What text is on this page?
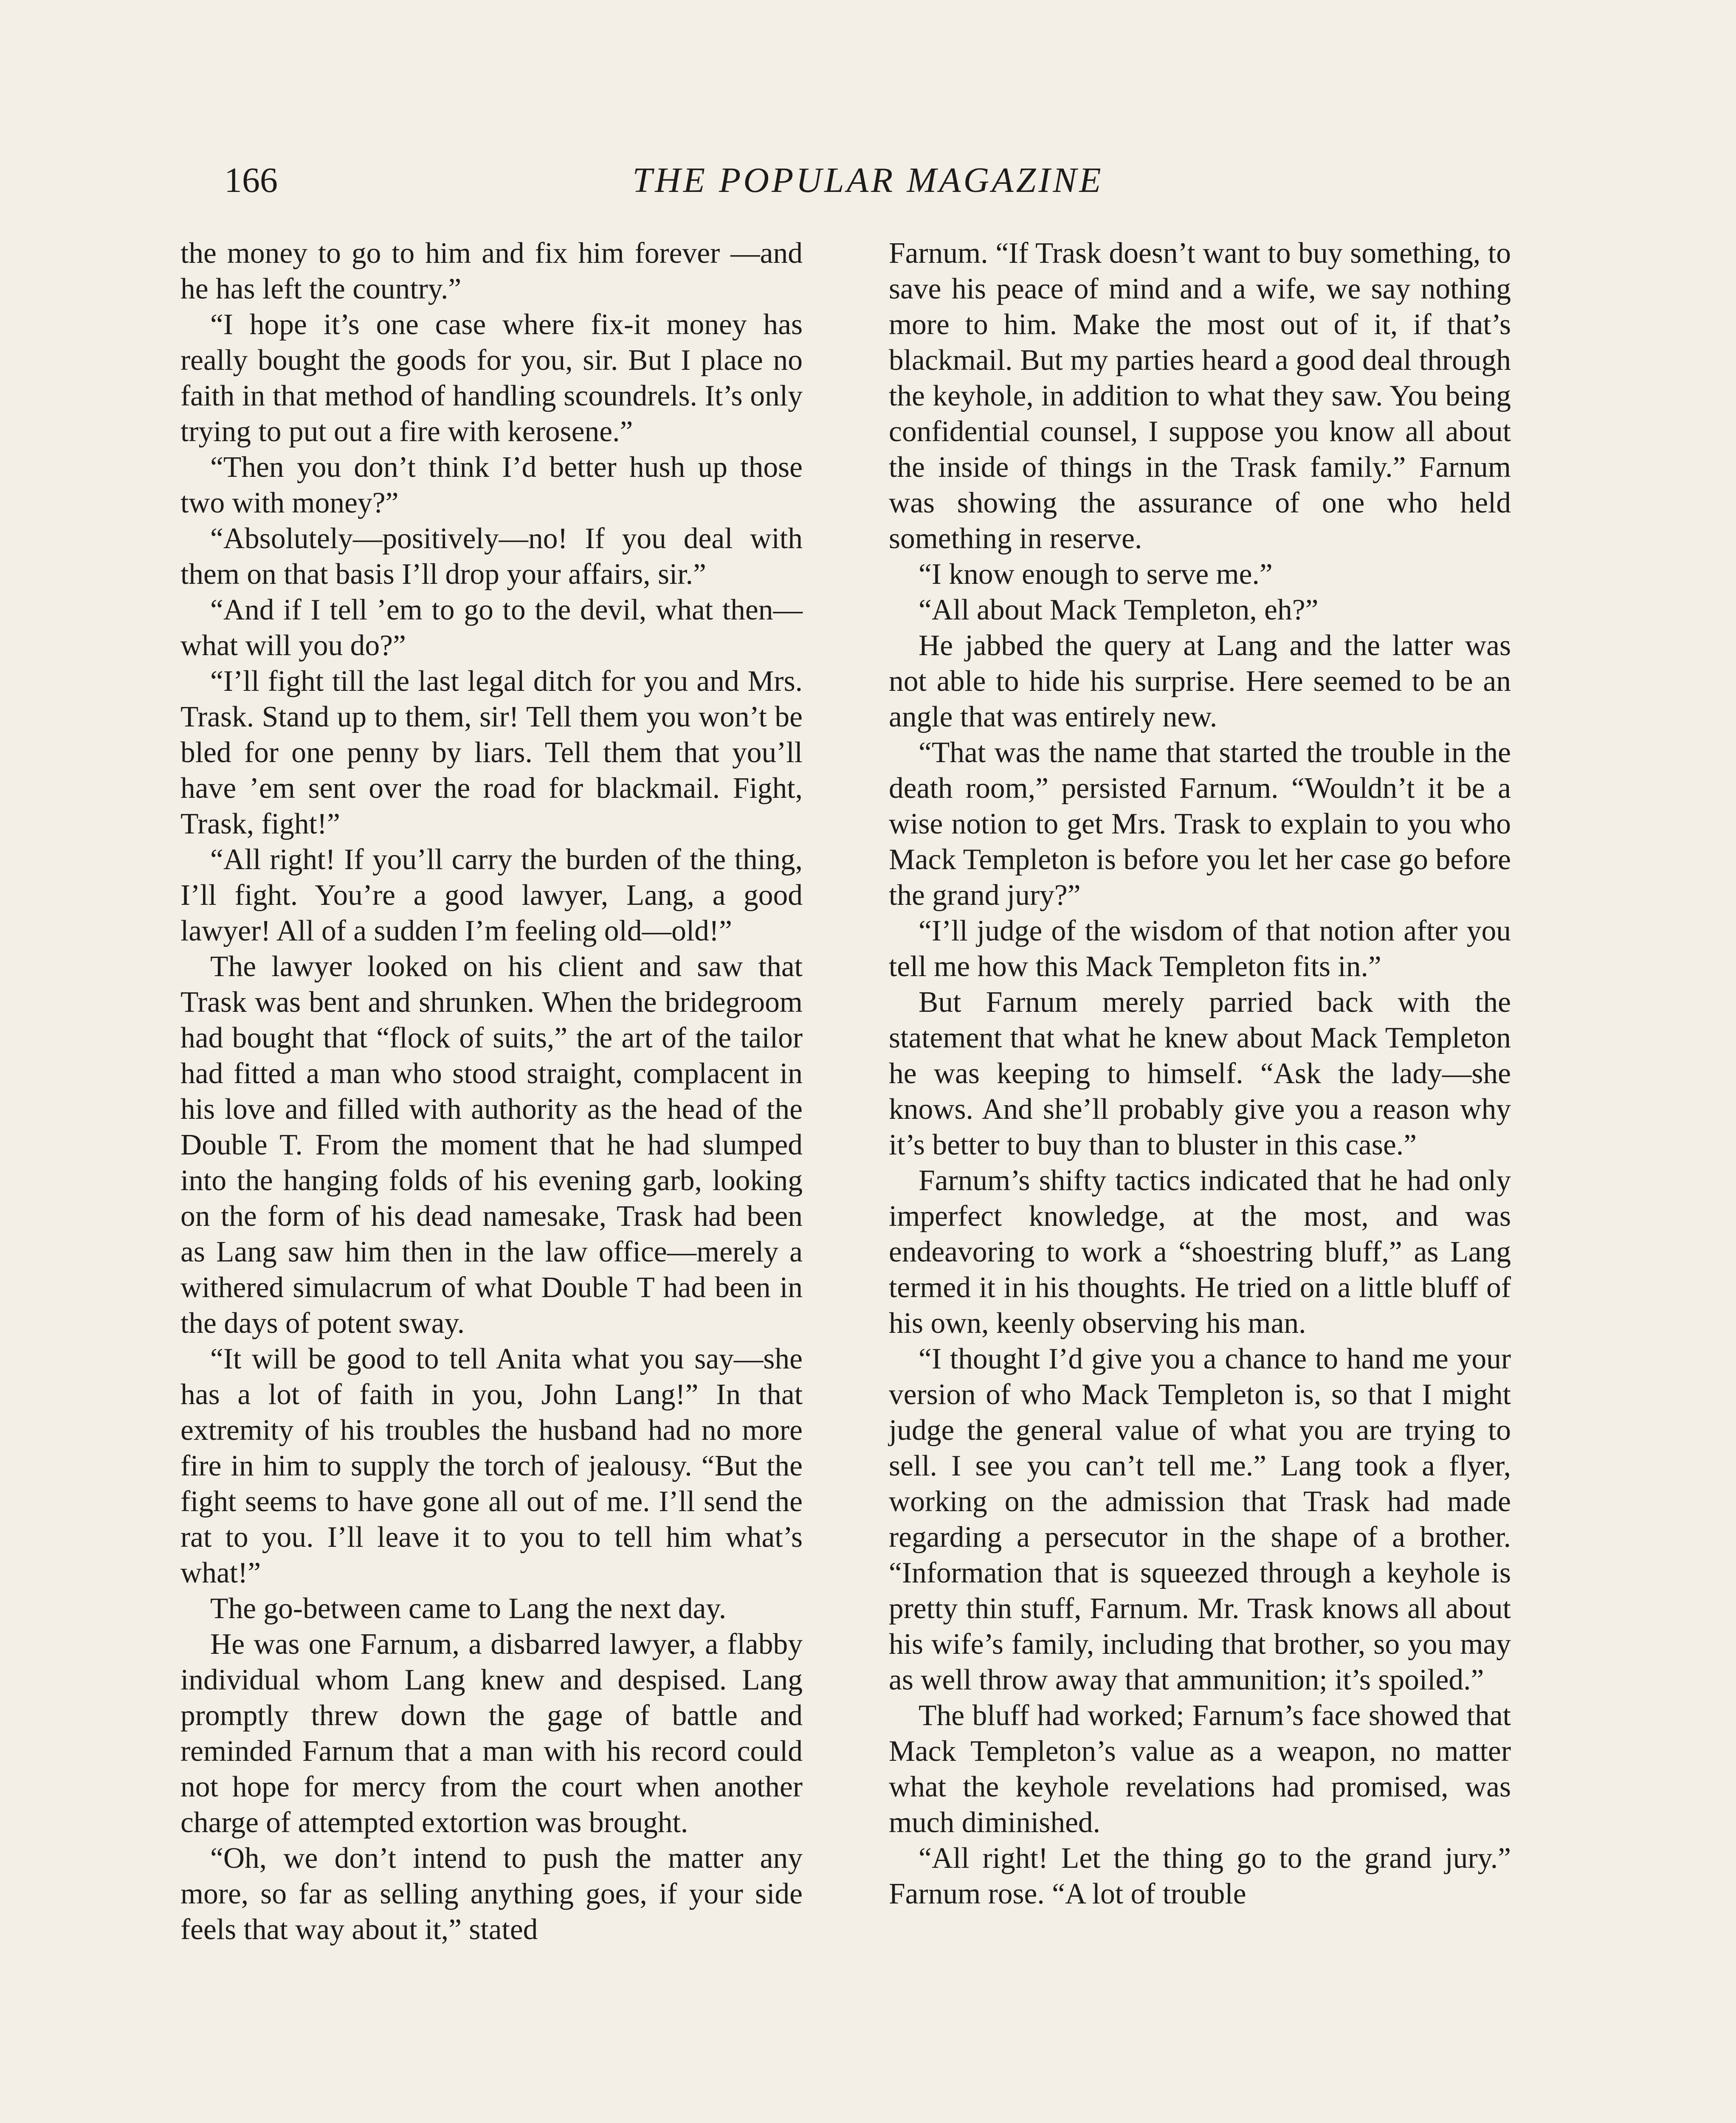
166	THE POPULAR MAGAZINE

the money to go to him and fix him forever —and he has left the country.”

“I hope it’s one case where fix-it money has really bought the goods for you, sir. But I place no faith in that method of handling scoundrels. It’s only trying to put out a fire with kerosene.”

“Then you don’t think I’d better hush up those two with money?”

“Absolutely—positively—no! If you deal with them on that basis I’ll drop your affairs, sir.”

“And if I tell ’em to go to the devil, what then—what will you do?”

“I’ll fight till the last legal ditch for you and Mrs. Trask. Stand up to them, sir! Tell them you won’t be bled for one penny by liars. Tell them that you’ll have ’em sent over the road for blackmail. Fight, Trask, fight!”

“All right! If you’ll carry the burden of the thing, I’ll fight. You’re a good lawyer, Lang, a good lawyer! All of a sudden I’m feeling old—old!”

The lawyer looked on his client and saw that Trask was bent and shrunken. When the bridegroom had bought that “flock of suits,” the art of the tailor had fitted a man who stood straight, complacent in his love and filled with authority as the head of the Double T. From the moment that he had slumped into the hanging folds of his evening garb, looking on the form of his dead namesake, Trask had been as Lang saw him then in the law office—merely a withered simulacrum of what Double T had been in the days of potent sway.

“It will be good to tell Anita what you say—she has a lot of faith in you, John Lang!” In that extremity of his troubles the husband had no more fire in him to supply the torch of jealousy. “But the fight seems to have gone all out of me. I’ll send the rat to you. I’ll leave it to you to tell him what’s what!”

The go-between came to Lang the next day.

He was one Farnum, a disbarred lawyer, a flabby individual whom Lang knew and despised. Lang promptly threw down the gage of battle and reminded Farnum that a man with his record could not hope for mercy from the court when another charge of attempted extortion was brought.

“Oh, we don’t intend to push the matter any more, so far as selling anything goes, if your side feels that way about it,” stated

Farnum. “If Trask doesn’t want to buy something, to save his peace of mind and a wife, we say nothing more to him. Make the most out of it, if that’s blackmail. But my parties heard a good deal through the keyhole, in addition to what they saw. You being confidential counsel, I suppose you know all about the inside of things in the Trask family.” Farnum was showing the assurance of one who held something in reserve.

“I know enough to serve me.”

“All about Mack Templeton, eh?”

He jabbed the query at Lang and the latter was not able to hide his surprise. Here seemed to be an angle that was entirely new.

“That was the name that started the trouble in the death room,” persisted Farnum. “Wouldn’t it be a wise notion to get Mrs. Trask to explain to you who Mack Templeton is before you let her case go before the grand jury?”

“I’ll judge of the wisdom of that notion after you tell me how this Mack Templeton fits in.”

But Farnum merely parried back with the statement that what he knew about Mack Templeton he was keeping to himself. “Ask the lady—she knows. And she’ll probably give you a reason why it’s better to buy than to bluster in this case.”

Farnum’s shifty tactics indicated that he had only imperfect knowledge, at the most, and was endeavoring to work a “shoestring bluff,” as Lang termed it in his thoughts. He tried on a little bluff of his own, keenly observing his man.

“I thought I’d give you a chance to hand me your version of who Mack Templeton is, so that I might judge the general value of what you are trying to sell. I see you can’t tell me.” Lang took a flyer, working on the admission that Trask had made regarding a persecutor in the shape of a brother. “Information that is squeezed through a keyhole is pretty thin stuff, Farnum. Mr. Trask knows all about his wife’s family, including that brother, so you may as well throw away that ammunition; it’s spoiled.”

The bluff had worked; Farnum’s face showed that Mack Templeton’s value as a weapon, no matter what the keyhole revelations had promised, was much diminished.

“All right! Let the thing go to the grand jury.” Farnum rose. “A lot of trouble
